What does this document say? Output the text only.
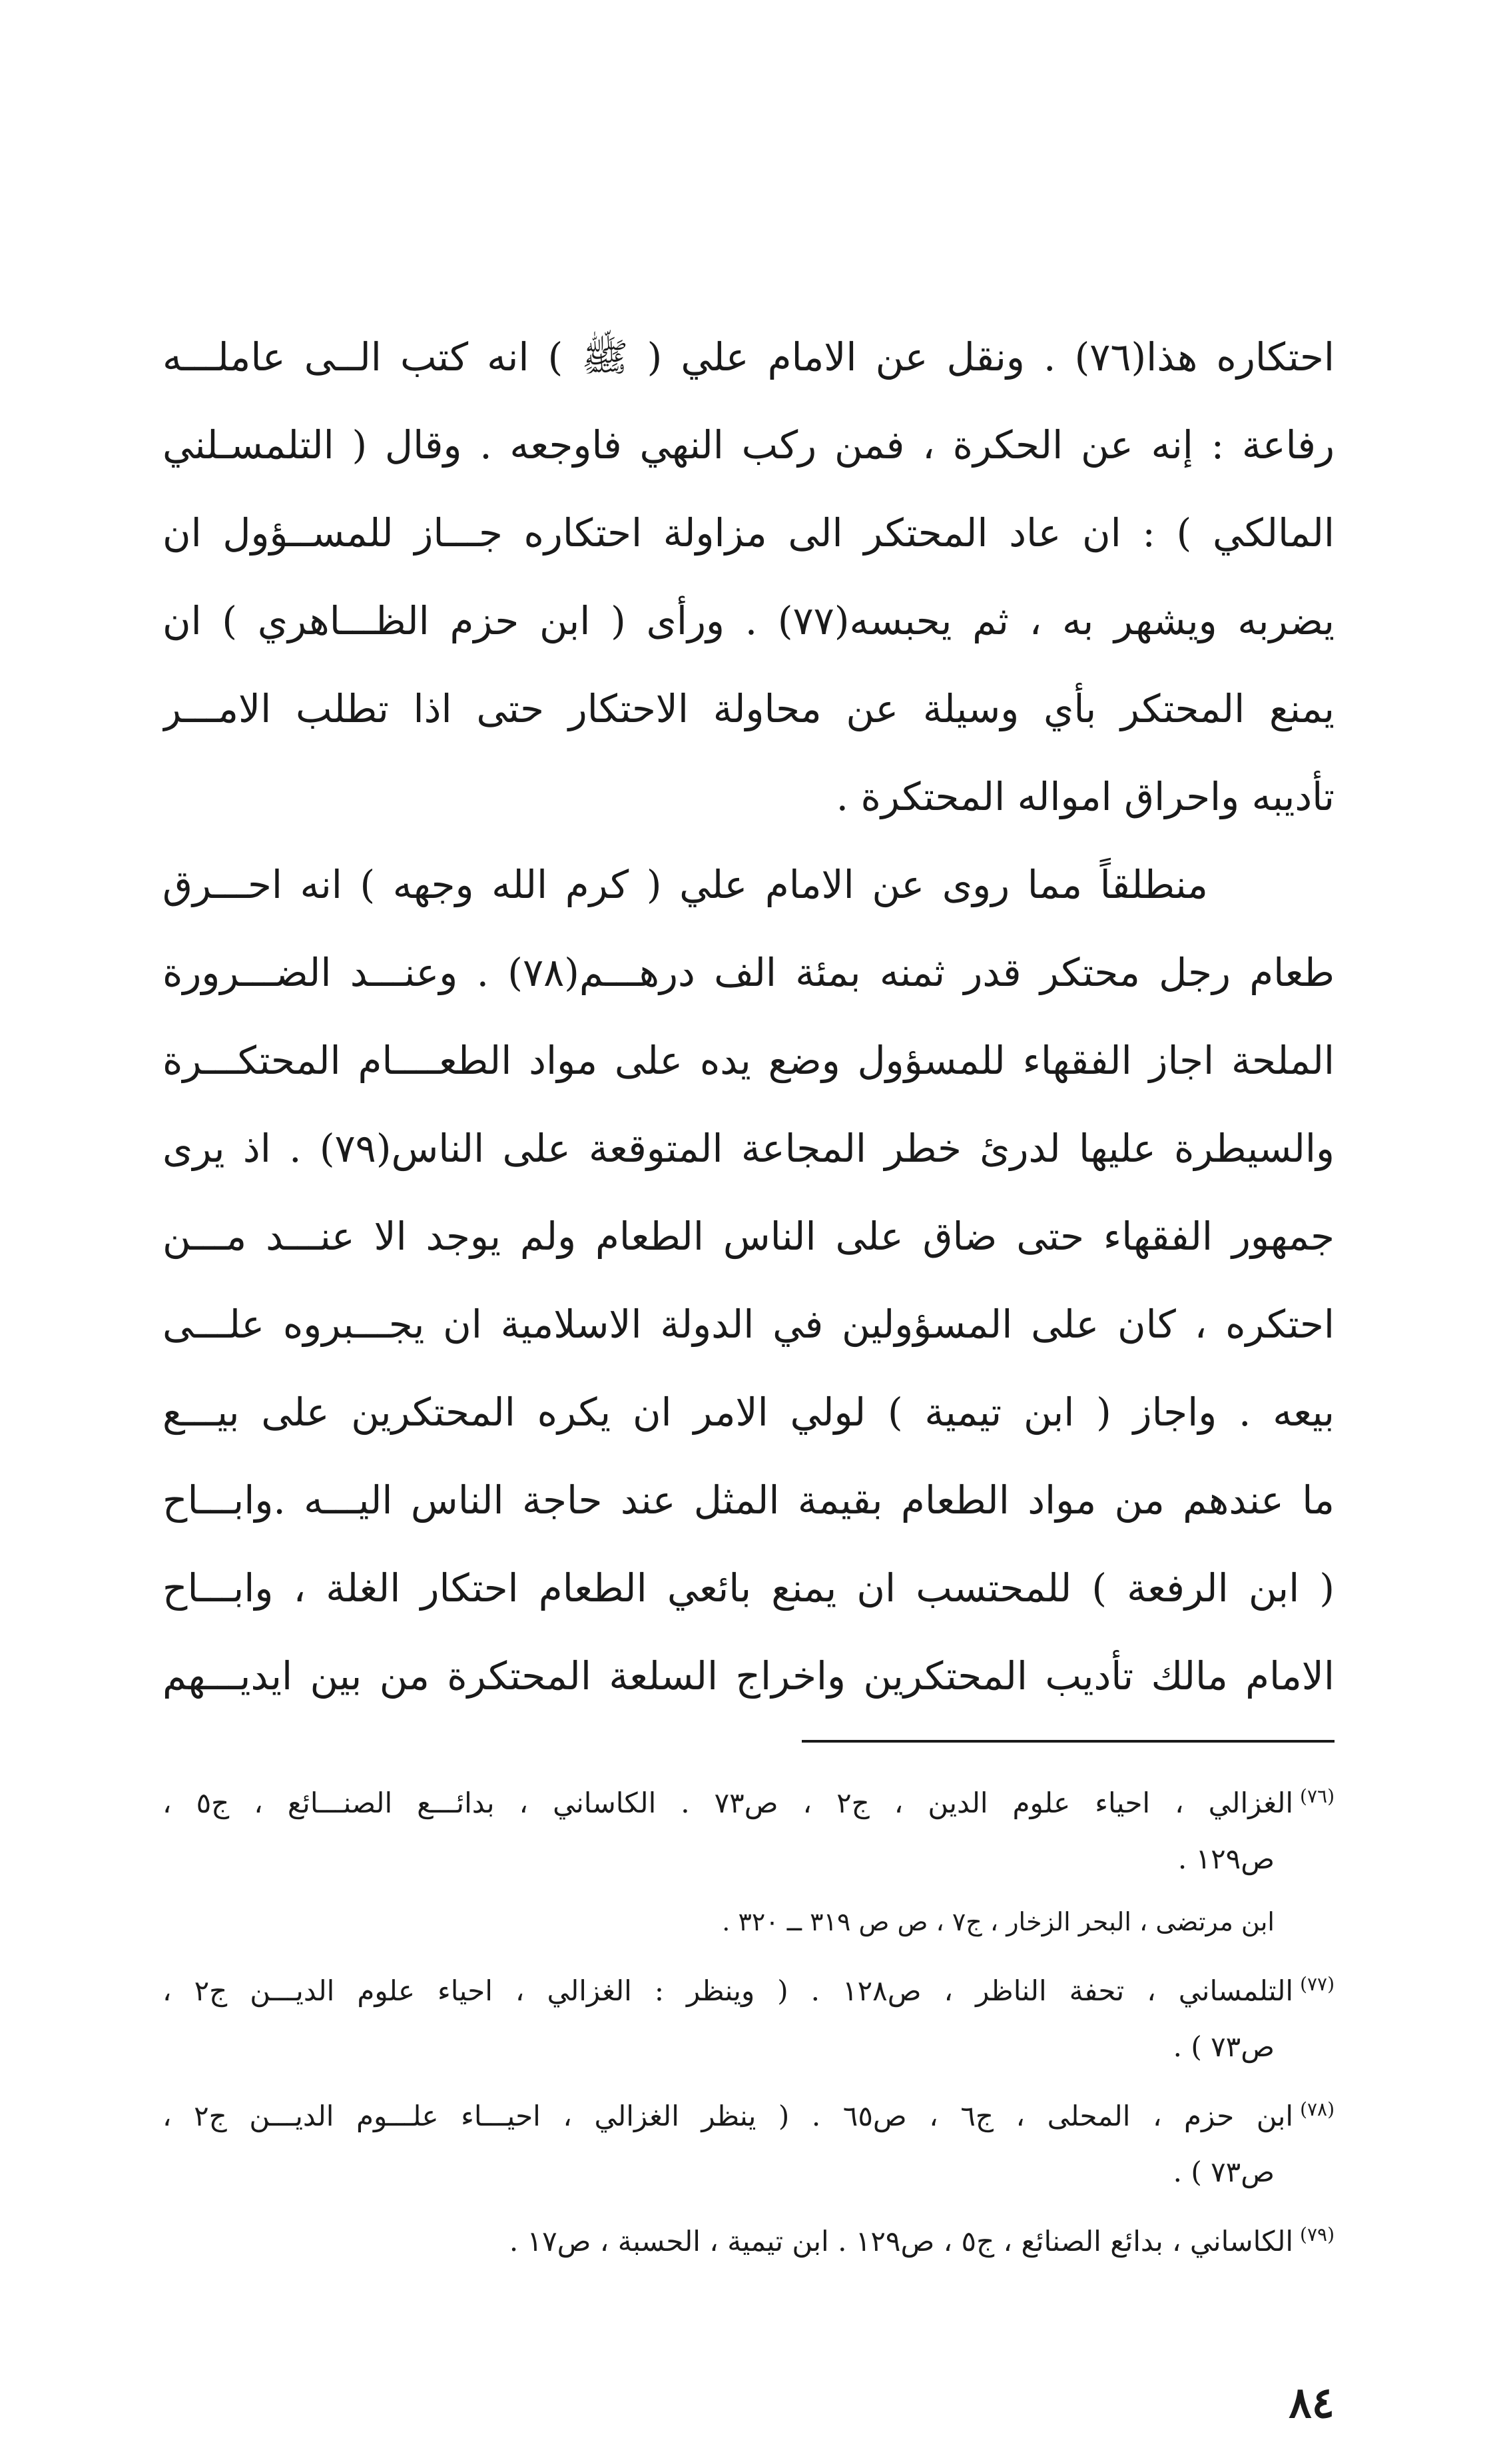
احتكاره هذا(٧٦) . ونقل عن الامام علي ( ﷺ ) انه كتب الــى عاملـــه
رفاعة : إنه عن الحكرة ، فمن ركب النهي فاوجعه . وقال ( التلمسـلني
المالكي ) : ان عاد المحتكر الى مزاولة احتكاره جـــاز للمســؤول ان
يضربه ويشهر به ، ثم يحبسه(٧٧) . ورأى ( ابن حزم الظـــاهري ) ان
يمنع المحتكر بأي وسيلة عن محاولة الاحتكار حتى اذا تطلب الامـــر
تأديبه واحراق امواله المحتكرة .
منطلقاً مما روى عن الامام علي ( كرم الله وجهه ) انه احـــرق
طعام رجل محتكر قدر ثمنه بمئة الف درهـــم(٧٨) . وعنـــد الضـــرورة
الملحة اجاز الفقهاء للمسؤول وضع يده على مواد الطعــــام المحتكـــرة
والسيطرة عليها لدرئ خطر المجاعة المتوقعة على الناس(٧٩) . اذ يرى
جمهور الفقهاء حتى ضاق على الناس الطعام ولم يوجد الا عنـــد مـــن
احتكره ، كان على المسؤولين في الدولة الاسلامية ان يجـــبروه علـــى
بيعه . واجاز ( ابن تيمية ) لولي الامر ان يكره المحتكرين على بيـــع
ما عندهم من مواد الطعام بقيمة المثل عند حاجة الناس اليـــه .وابـــاح
( ابن الرفعة ) للمحتسب ان يمنع بائعي الطعام احتكار الغلة ، وابـــاح
الامام مالك تأديب المحتكرين واخراج السلعة المحتكرة من بين ايديـــهم
$^{(٧٦)}$الغزالي ، احياء علوم الدين ، ج٢ ، ص٧٣ . الكاساني ، بدائـــع الصنـــائع ، ج٥ ،
ص١٢٩ .
ابن مرتضى ، البحر الزخار ، ج٧ ، ص ص ٣١٩ ــ ٣٢٠ .
$^{(٧٧)}$التلمساني ، تحفة الناظر ، ص١٢٨ . ( وينظر : الغزالي ، احياء علوم الديـــن ج٢ ،
ص٧٣ ) .
$^{(٧٨)}$ابن حزم ، المحلى ، ج٦ ، ص٦٥ . ( ينظر الغزالي ، احيـــاء علـــوم الديـــن ج٢ ،
ص٧٣ ) .
$^{(٧٩)}$الكاساني ، بدائع الصنائع ، ج٥ ، ص١٢٩ . ابن تيمية ، الحسبة ، ص١٧ .
٨٤
